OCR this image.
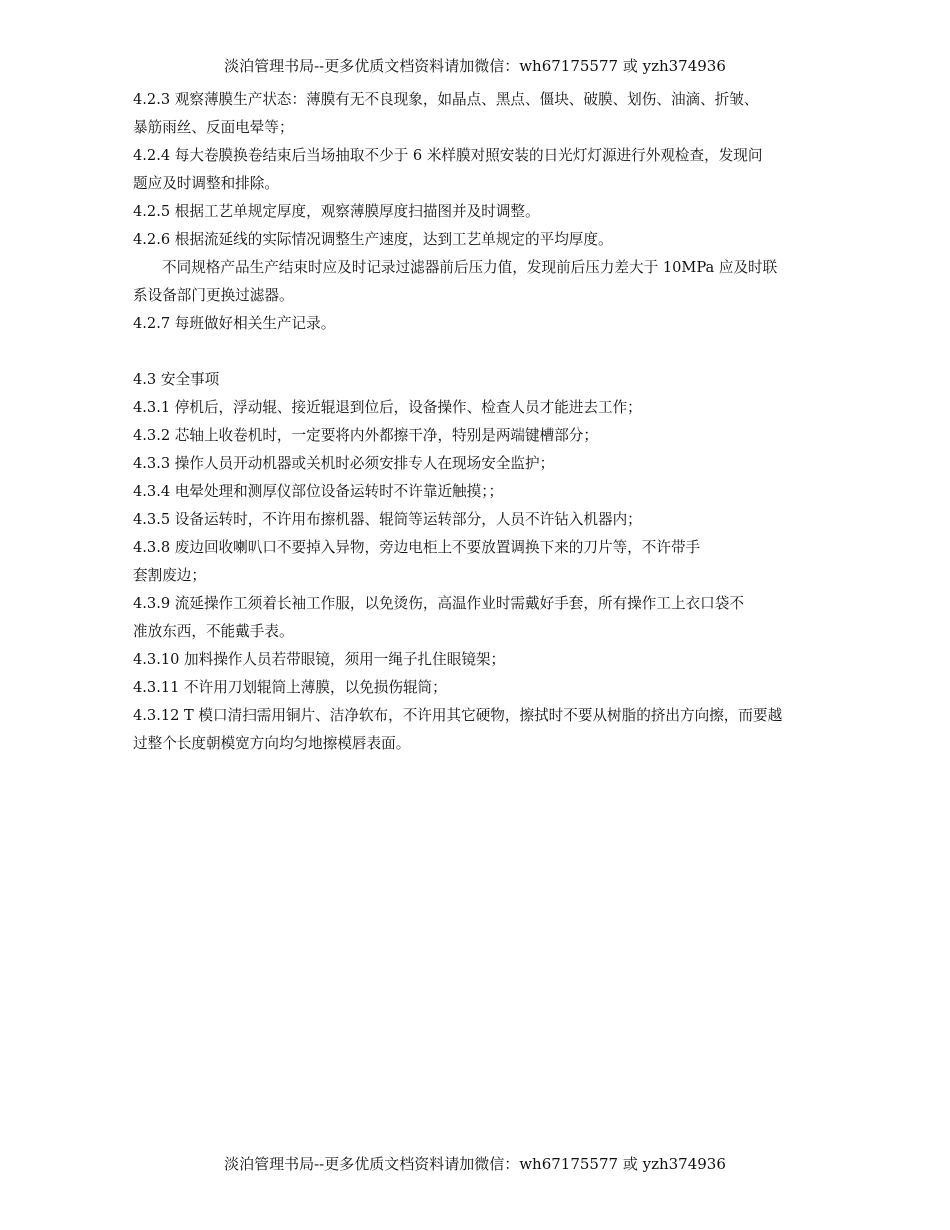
淡泊管理书局--更多优质文档资料请加微信：wh67175577 或 yzh374936
4.2.3 观察薄膜生产状态：薄膜有无不良现象，如晶点、黑点、僵块、破膜、划伤、油滴、折皱、
暴筋雨丝、反面电晕等；
4.2.4 每大卷膜换卷结束后当场抽取不少于 6 米样膜对照安装的日光灯灯源进行外观检查，发现问
题应及时调整和排除。
4.2.5 根据工艺单规定厚度，观察薄膜厚度扫描图并及时调整。
4.2.6 根据流延线的实际情况调整生产速度，达到工艺单规定的平均厚度。
不同规格产品生产结束时应及时记录过滤器前后压力值，发现前后压力差大于 10MPa 应及时联
系设备部门更换过滤器。
4.2.7 每班做好相关生产记录。
4.3 安全事项
4.3.1 停机后，浮动辊、接近辊退到位后，设备操作、检查人员才能进去工作；
4.3.2 芯轴上收卷机时，一定要将内外都擦干净，特别是两端键槽部分；
4.3.3 操作人员开动机器或关机时必须安排专人在现场安全监护；
4.3.4 电晕处理和测厚仪部位设备运转时不许靠近触摸；；
4.3.5 设备运转时，不许用布擦机器、辊筒等运转部分，人员不许钻入机器内；
4.3.8 废边回收喇叭口不要掉入异物，旁边电柜上不要放置调换下来的刀片等，不许带手
套割废边；
4.3.9 流延操作工须着长袖工作服，以免烫伤，高温作业时需戴好手套，所有操作工上衣口袋不
准放东西，不能戴手表。
4.3.10 加料操作人员若带眼镜，须用一绳子扎住眼镜架；
4.3.11 不许用刀划辊筒上薄膜，以免损伤辊筒；
4.3.12 T 模口清扫需用铜片、洁净软布，不许用其它硬物，擦拭时不要从树脂的挤出方向擦，而要越
过整个长度朝模宽方向均匀地擦模唇表面。
淡泊管理书局--更多优质文档资料请加微信：wh67175577 或 yzh374936
